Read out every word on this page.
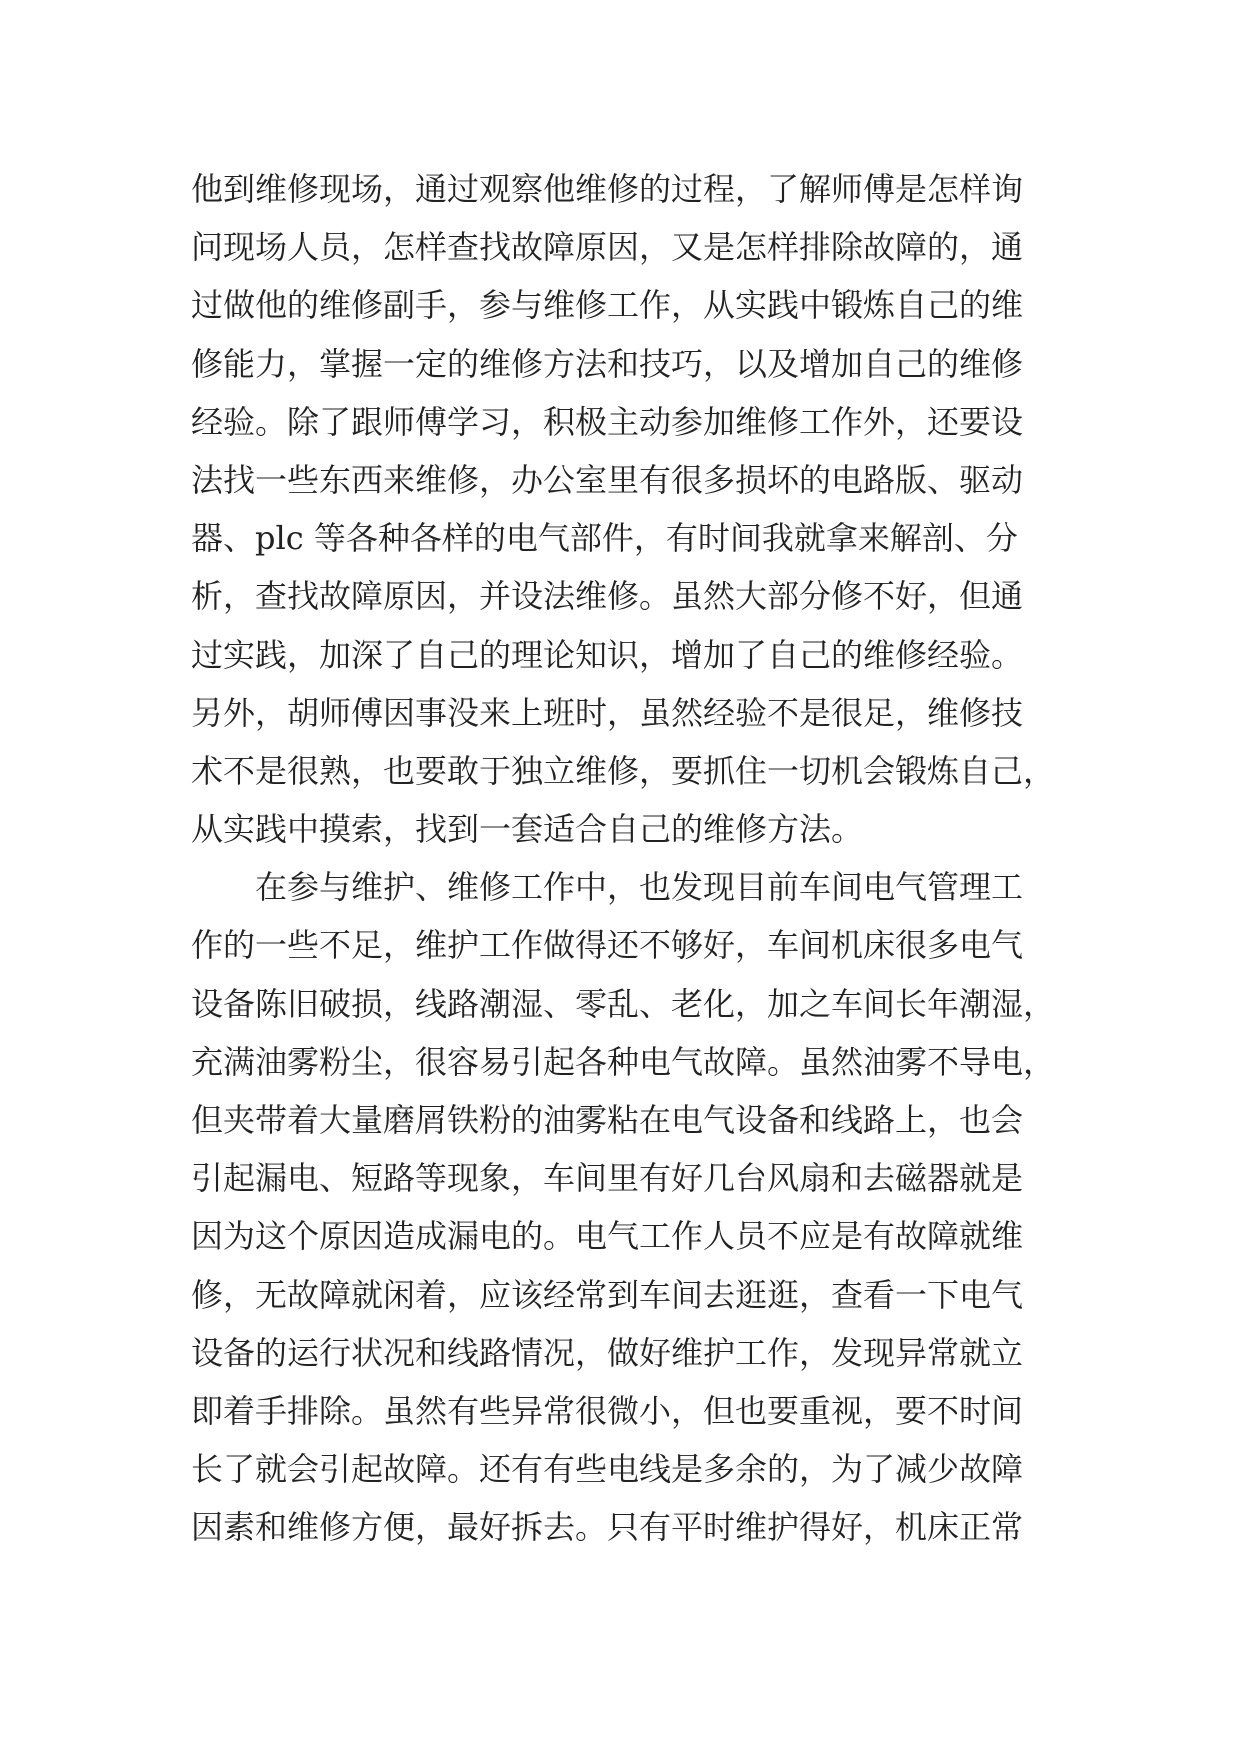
他到维修现场，通过观察他维修的过程，了解师傅是怎样询
问现场人员，怎样查找故障原因，又是怎样排除故障的，通
过做他的维修副手，参与维修工作，从实践中锻炼自己的维
修能力，掌握一定的维修方法和技巧，以及增加自己的维修
经验。除了跟师傅学习，积极主动参加维修工作外，还要设
法找一些东西来维修，办公室里有很多损坏的电路版、驱动
器、plc 等各种各样的电气部件，有时间我就拿来解剖、分
析，查找故障原因，并设法维修。虽然大部分修不好，但通
过实践，加深了自己的理论知识，增加了自己的维修经验。
另外，胡师傅因事没来上班时，虽然经验不是很足，维修技
术不是很熟，也要敢于独立维修，要抓住一切机会锻炼自己，
从实践中摸索，找到一套适合自己的维修方法。
在参与维护、维修工作中，也发现目前车间电气管理工
作的一些不足，维护工作做得还不够好，车间机床很多电气
设备陈旧破损，线路潮湿、零乱、老化，加之车间长年潮湿，
充满油雾粉尘，很容易引起各种电气故障。虽然油雾不导电，
但夹带着大量磨屑铁粉的油雾粘在电气设备和线路上，也会
引起漏电、短路等现象，车间里有好几台风扇和去磁器就是
因为这个原因造成漏电的。电气工作人员不应是有故障就维
修，无故障就闲着，应该经常到车间去逛逛，查看一下电气
设备的运行状况和线路情况，做好维护工作，发现异常就立
即着手排除。虽然有些异常很微小，但也要重视，要不时间
长了就会引起故障。还有有些电线是多余的，为了减少故障
因素和维修方便，最好拆去。只有平时维护得好，机床正常
